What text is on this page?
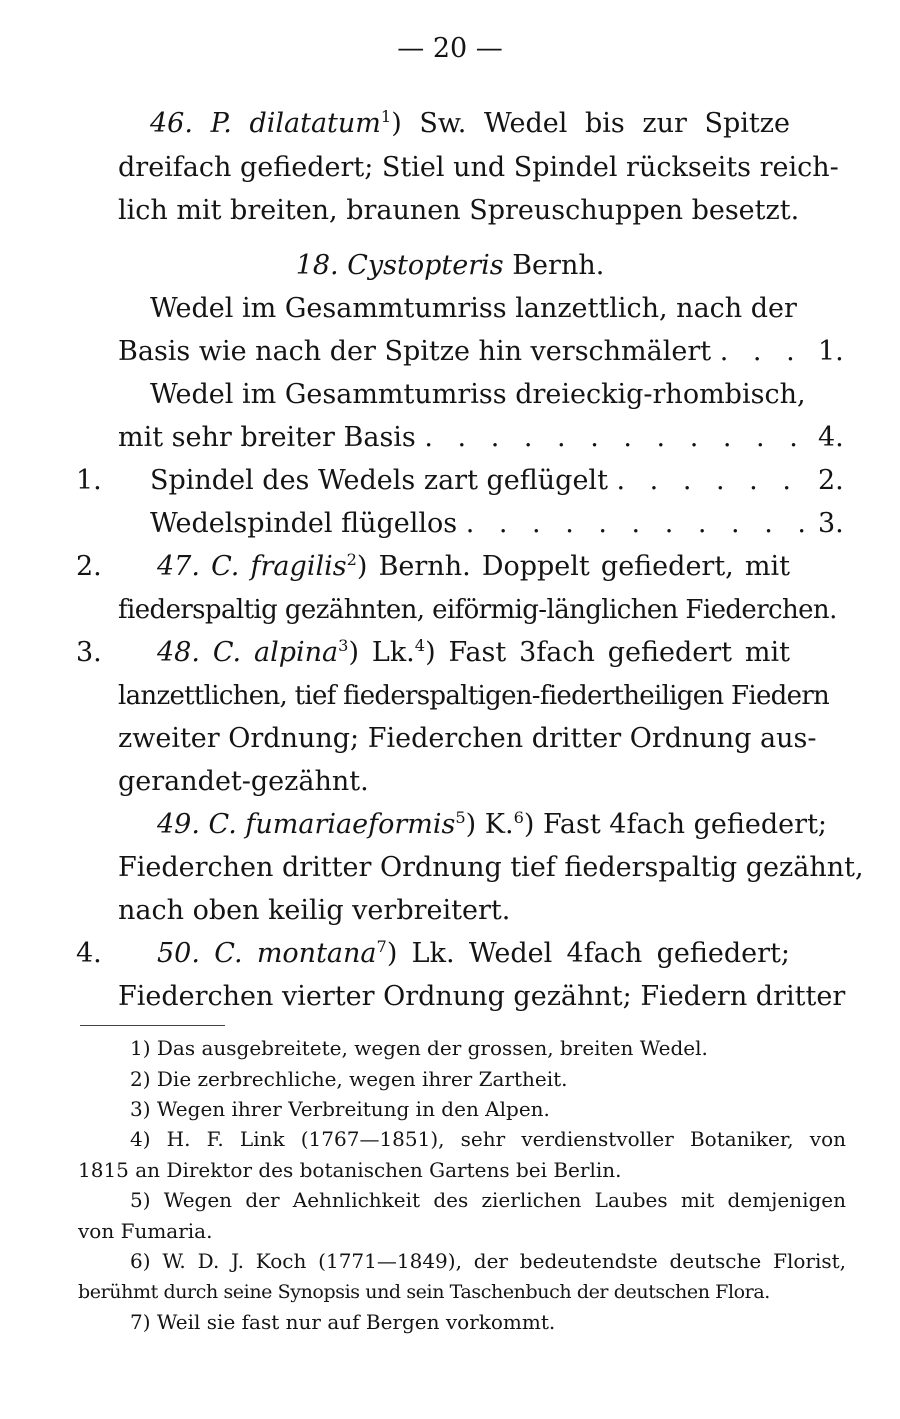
— 20 —
46. P. dilatatum$^1$) Sw. Wedel bis zur Spitze
dreifach gefiedert; Stiel und Spindel rückseits reich-
lich mit breiten, braunen Spreuschuppen besetzt.
18. Cystopteris Bernh.
Wedel im Gesammtumriss lanzettlich, nach der
Basis wie nach der Spitze hin verschmälert . . . 1.
Wedel im Gesammtumriss dreieckig-rhombisch,
mit sehr breiter Basis . . . . . . . . . . . . 4.
1. Spindel des Wedels zart geflügelt . . . . . . 2.
Wedelspindel flügellos . . . . . . . . . . . 3.
2. 47. C. fragilis$^2$) Bernh. Doppelt gefiedert, mit
fiederspaltig gezähnten, eiförmig-länglichen Fiederchen.
3. 48. C. alpina$^3$) Lk.$^4$) Fast 3fach gefiedert mit
lanzettlichen, tief fiederspaltigen-fiedertheiligen Fiedern
zweiter Ordnung; Fiederchen dritter Ordnung aus-
gerandet-gezähnt.
49. C. fumariaeformis$^5$) K.$^6$) Fast 4fach gefiedert;
Fiederchen dritter Ordnung tief fiederspaltig gezähnt,
nach oben keilig verbreitert.
4. 50. C. montana$^7$) Lk. Wedel 4fach gefiedert;
Fiederchen vierter Ordnung gezähnt; Fiedern dritter
1) Das ausgebreitete, wegen der grossen, breiten Wedel.
2) Die zerbrechliche, wegen ihrer Zartheit.
3) Wegen ihrer Verbreitung in den Alpen.
4) H. F. Link (1767—1851), sehr verdienstvoller Botaniker, von
1815 an Direktor des botanischen Gartens bei Berlin.
5) Wegen der Aehnlichkeit des zierlichen Laubes mit demjenigen
von Fumaria.
6) W. D. J. Koch (1771—1849), der bedeutendste deutsche Florist,
berühmt durch seine Synopsis und sein Taschenbuch der deutschen Flora.
7) Weil sie fast nur auf Bergen vorkommt.
